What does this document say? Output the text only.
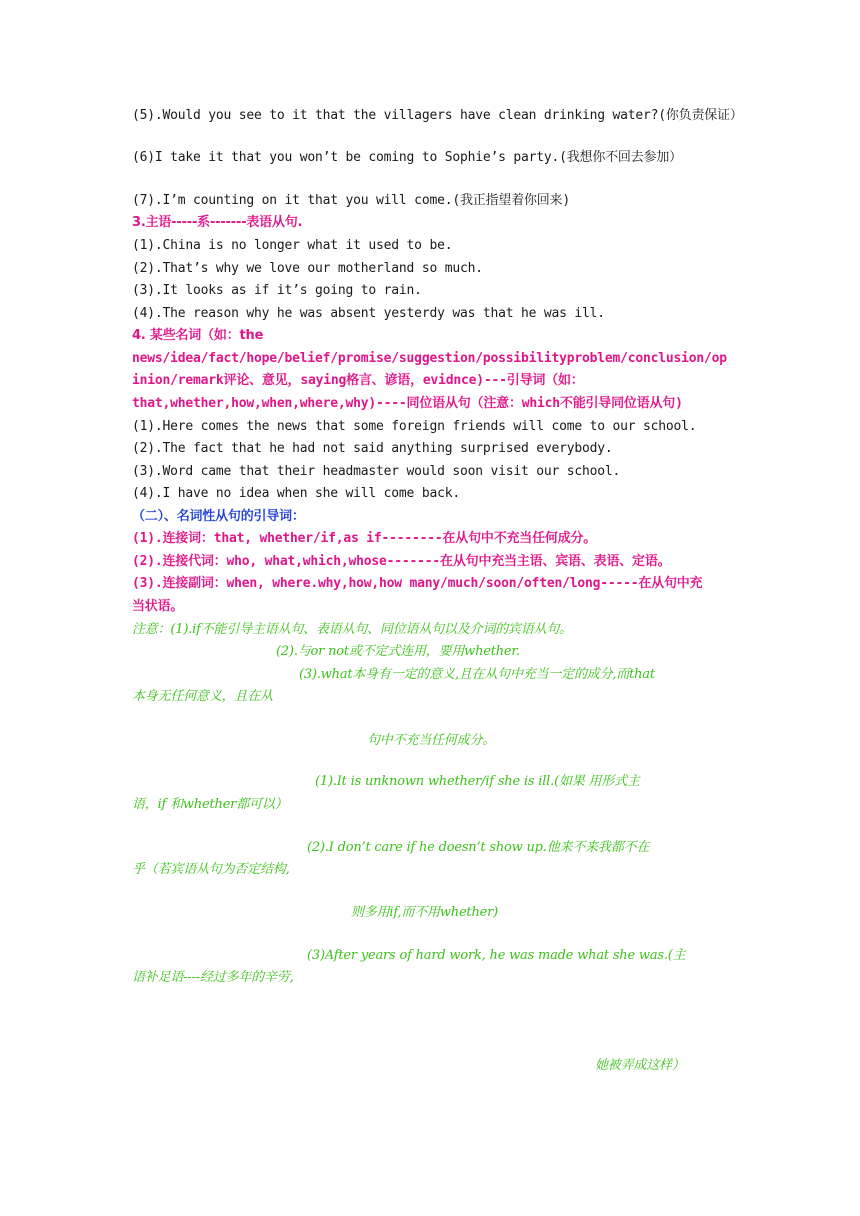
(5).Would you see to it that the villagers have clean drinking water?(你负责保证）
(6)I take it that you won’t be coming to Sophie’s party.(我想你不回去参加）
(7).I’m counting on it that you will come.(我正指望着你回来)
3.主语-----系-------表语从句.
(1).China is no longer what it used to be.
(2).That’s why we love our motherland so much.
(3).It looks as if it’s going to rain.
(4).The reason why he was absent yesterdy was that he was ill.
4. 某些名词（如：the
news/idea/fact/hope/belief/promise/suggestion/possibilityproblem/conclusion/op
inion/remark评论、意见，saying格言、谚语，evidnce)---引导词（如：
that,whether,how,when,where,why)----同位语从句（注意：which不能引导同位语从句)
(1).Here comes the news that some foreign friends will come to our school.
(2).The fact that he had not said anything surprised everybody.
(3).Word came that their headmaster would soon visit our school.
(4).I have no idea when she will come back.
（二）、名词性从句的引导词：
(1).连接词：that, whether/if,as if--------在从句中不充当任何成分。
(2).连接代词：who, what,which,whose-------在从句中充当主语、宾语、表语、定语。
(3).连接副词：when, where.why,how,how many/much/soon/often/long-----在从句中充
当状语。
注意：(1).if不能引导主语从句、表语从句、同位语从句以及介词的宾语从句。
(2).与or not或不定式连用，要用whether.
(3).what本身有一定的意义,且在从句中充当一定的成分,而that
本身无任何意义，且在从
句中不充当任何成分。
(1).It is unknown whether/if she is ill.(如果 用形式主
语，if 和whether都可以）
(2).I don’t care if he doesn’t show up.他来不来我都不在
乎（若宾语从句为否定结构,
则多用if,而不用whether)
(3)After years of hard work, he was made what she was.(主
语补足语----经过多年的辛劳,
她被弄成这样）
